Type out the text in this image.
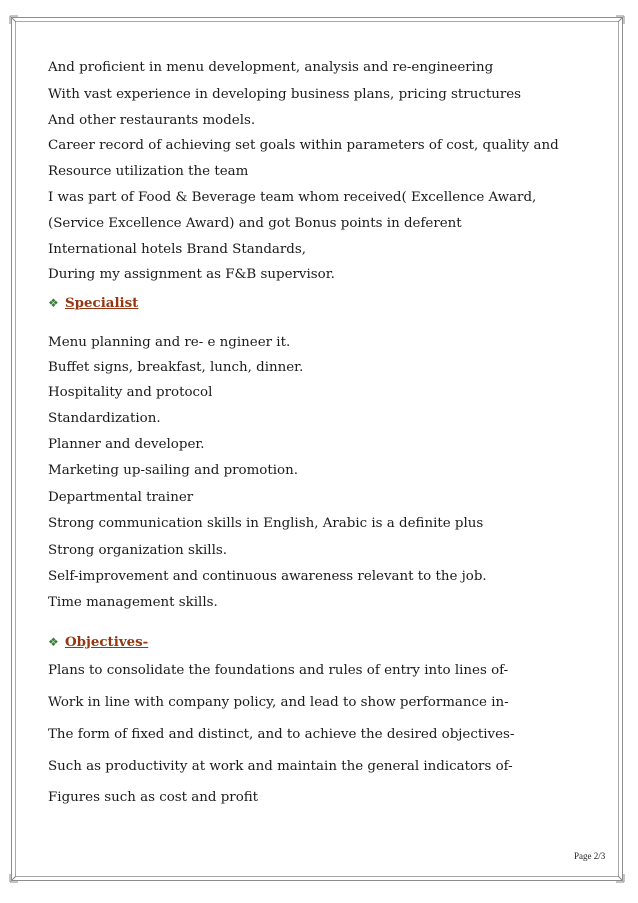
And proficient in menu development, analysis and re-engineering

With vast experience in developing business plans, pricing structures

And other restaurants models.

Career record of achieving set goals within parameters of cost, quality and

Resource utilization the team

I was part of Food & Beverage team whom received( Excellence Award,

(Service Excellence Award) and got Bonus points in deferent

International hotels Brand Standards,

During my assignment as F&B supervisor.

❖ Specialist

Menu planning and re- e ngineer it.

Buffet signs, breakfast, lunch, dinner.

Hospitality and protocol

Standardization.

Planner and developer.

Marketing up-sailing and promotion.

Departmental trainer

Strong communication skills in English, Arabic is a definite plus

Strong organization skills.

Self-improvement and continuous awareness relevant to the job.

Time management skills.

❖ Objectives-

Plans to consolidate the foundations and rules of entry into lines of-

Work in line with company policy, and lead to show performance in-

The form of fixed and distinct, and to achieve the desired objectives-

Such as productivity at work and maintain the general indicators of-

Figures such as cost and profit

Page 2/3
